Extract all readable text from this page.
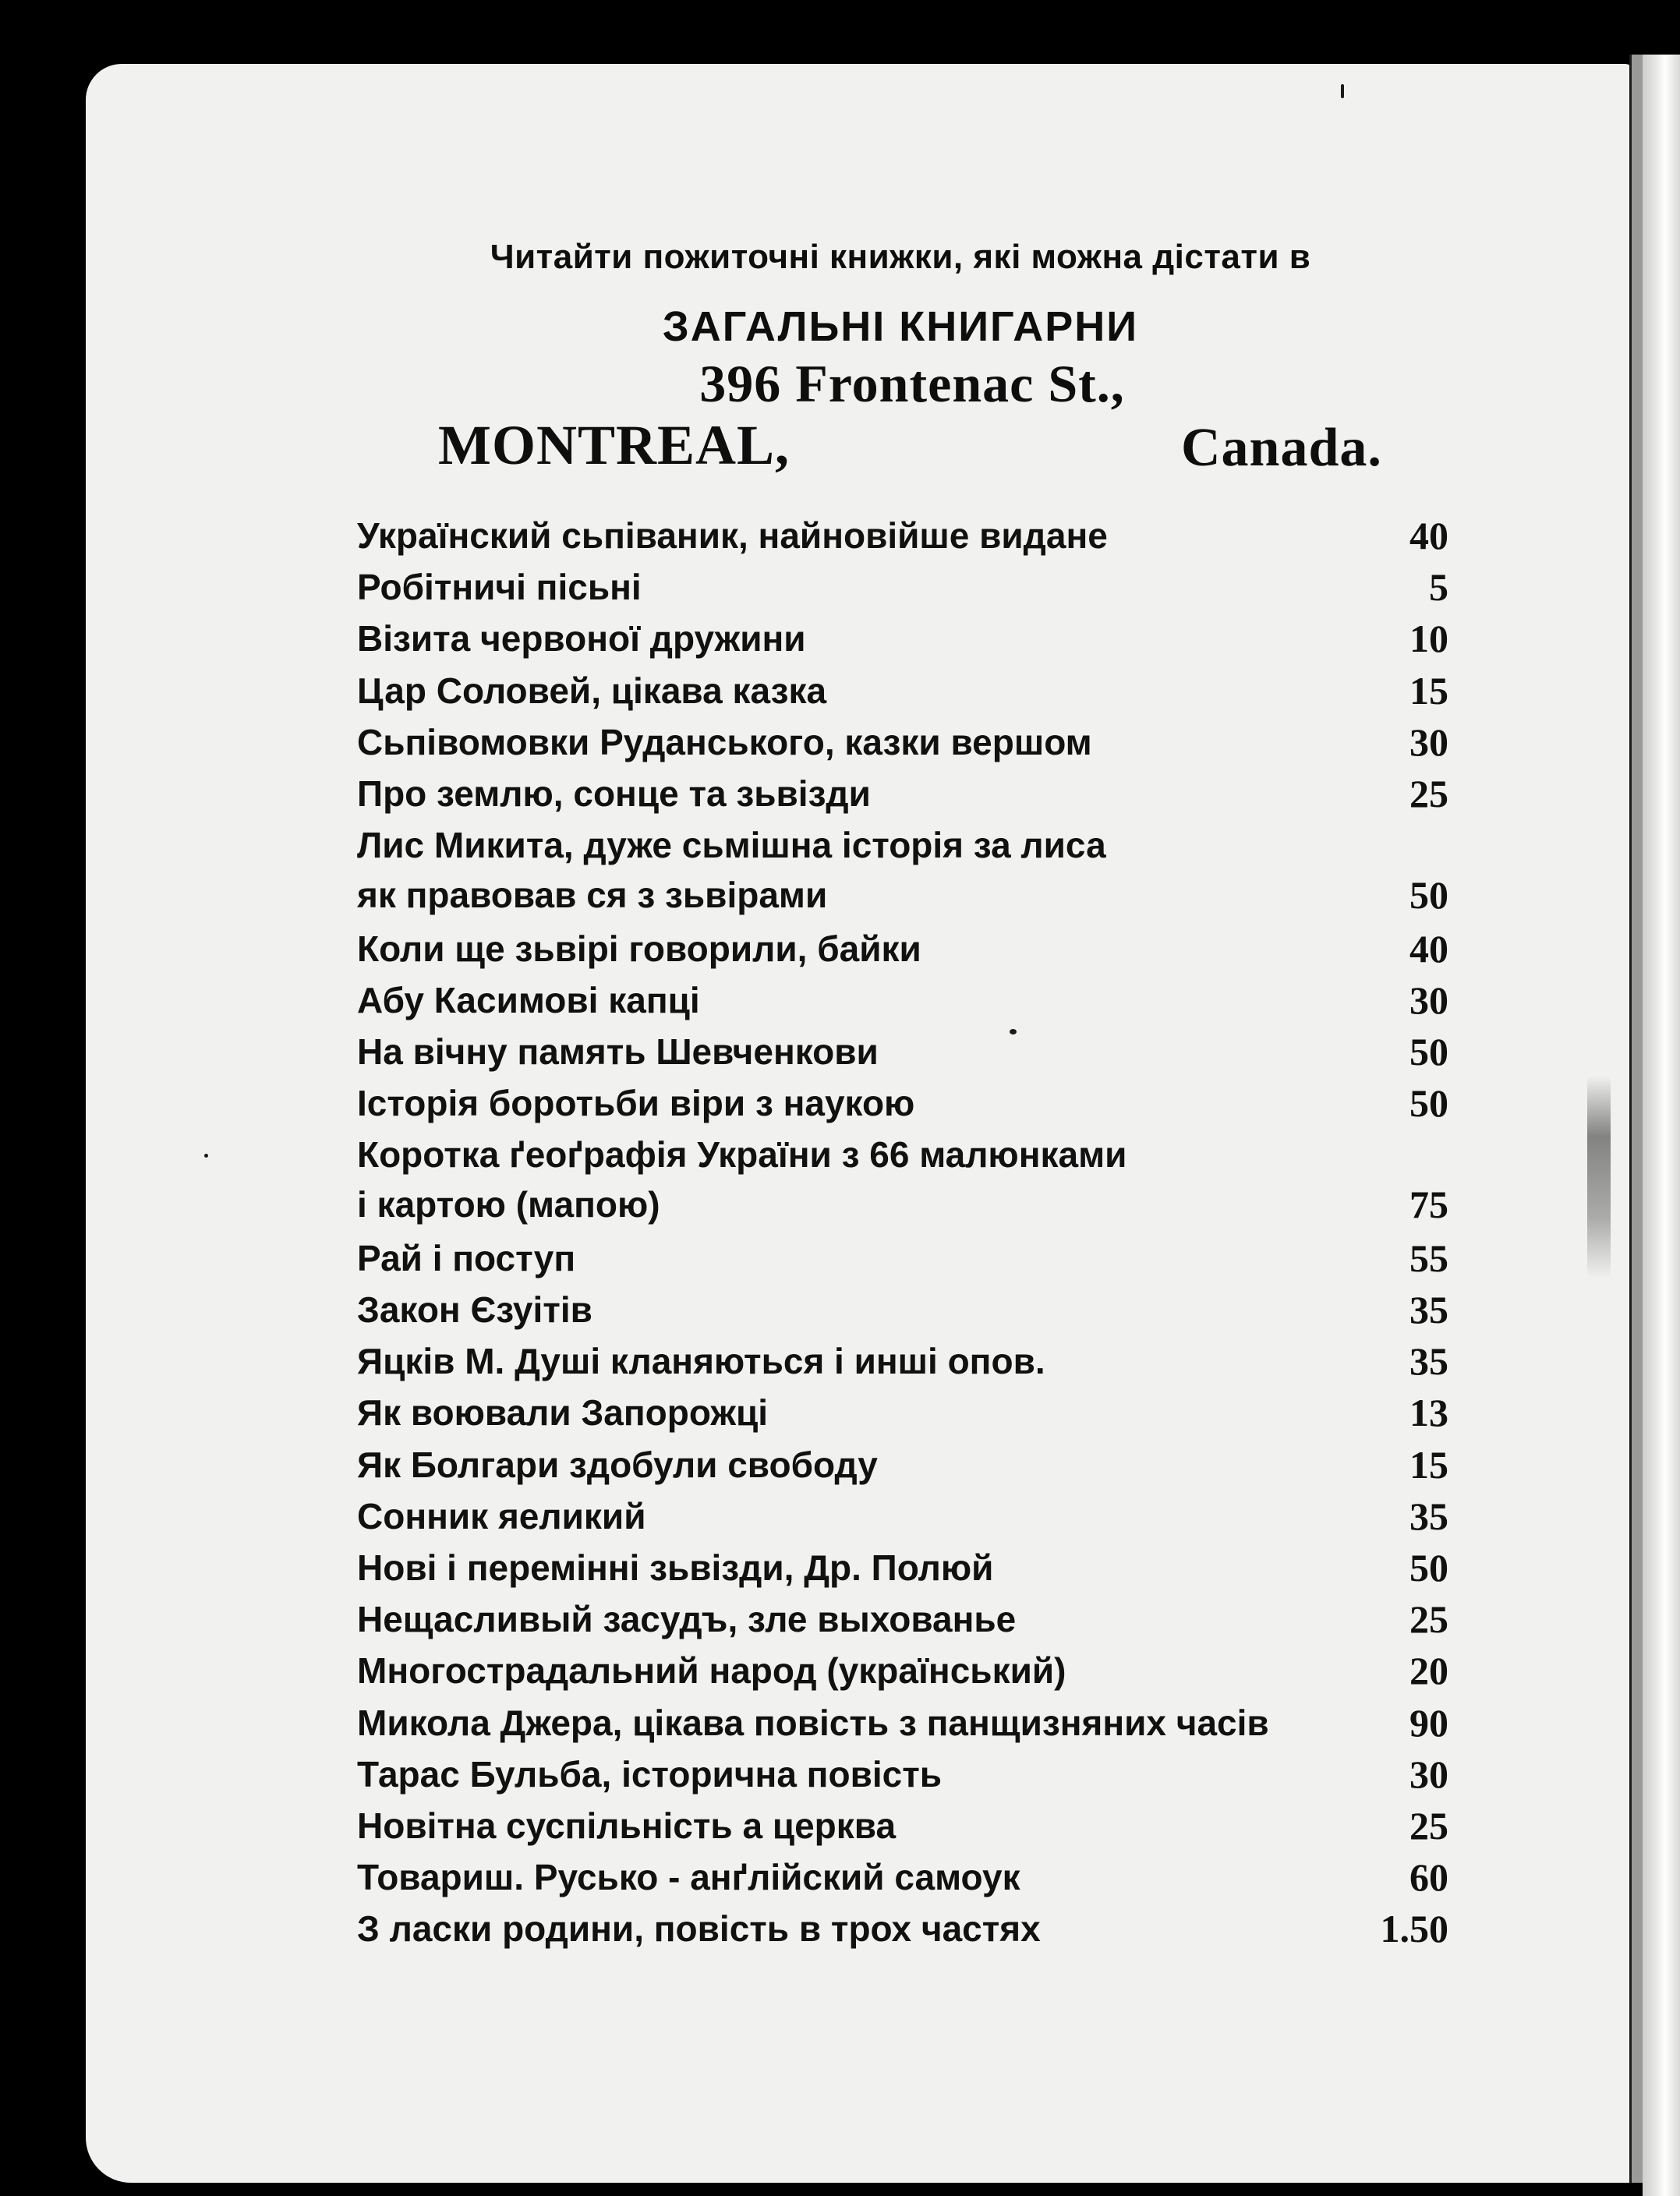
Читайти пожиточні книжки, які можна дістати в
ЗАГАЛЬНІ КНИГАРНИ
396 Frontenac St.,
MONTREAL,	Canada.
Українский сьпіваник, найновійше видане	40
Робітничі пісьні	5
Візита червоної дружини	10
Цар Соловей, цікава казка	15
Сьпівомовки Руданського, казки вершом	30
Про землю, сонце та зьвізди	25
Лис Микита, дуже сьмішна історія за лиса
як правовав ся з зьвірами	50
Коли ще зьвірі говорили, байки	40
Абу Касимові капці	30
На вічну память Шевченкови	50
Історія боротьби віри з наукою	50
Коротка ґеоґрафія України з 66 малюнками
і картою (мапою)	75
Рай і поступ	55
Закон Єзуітів	35
Яцків М. Душі кланяються і инші опов.	35
Як воювали Запорожці	13
Як Болгари здобули свободу	15
Сонник яеликий	35
Нові і перемінні зьвізди, Др. Полюй	50
Нещасливый засудъ, зле выхованье	25
Многострадальний народ (український)	20
Микола Джера, цікава повість з панщизняних часів	90
Тарас Бульба, історична повість	30
Новітна суспільність а церква	25
Товариш. Русько - анґлійский самоук	60
З ласки родини, повість в трох частях	1.50
